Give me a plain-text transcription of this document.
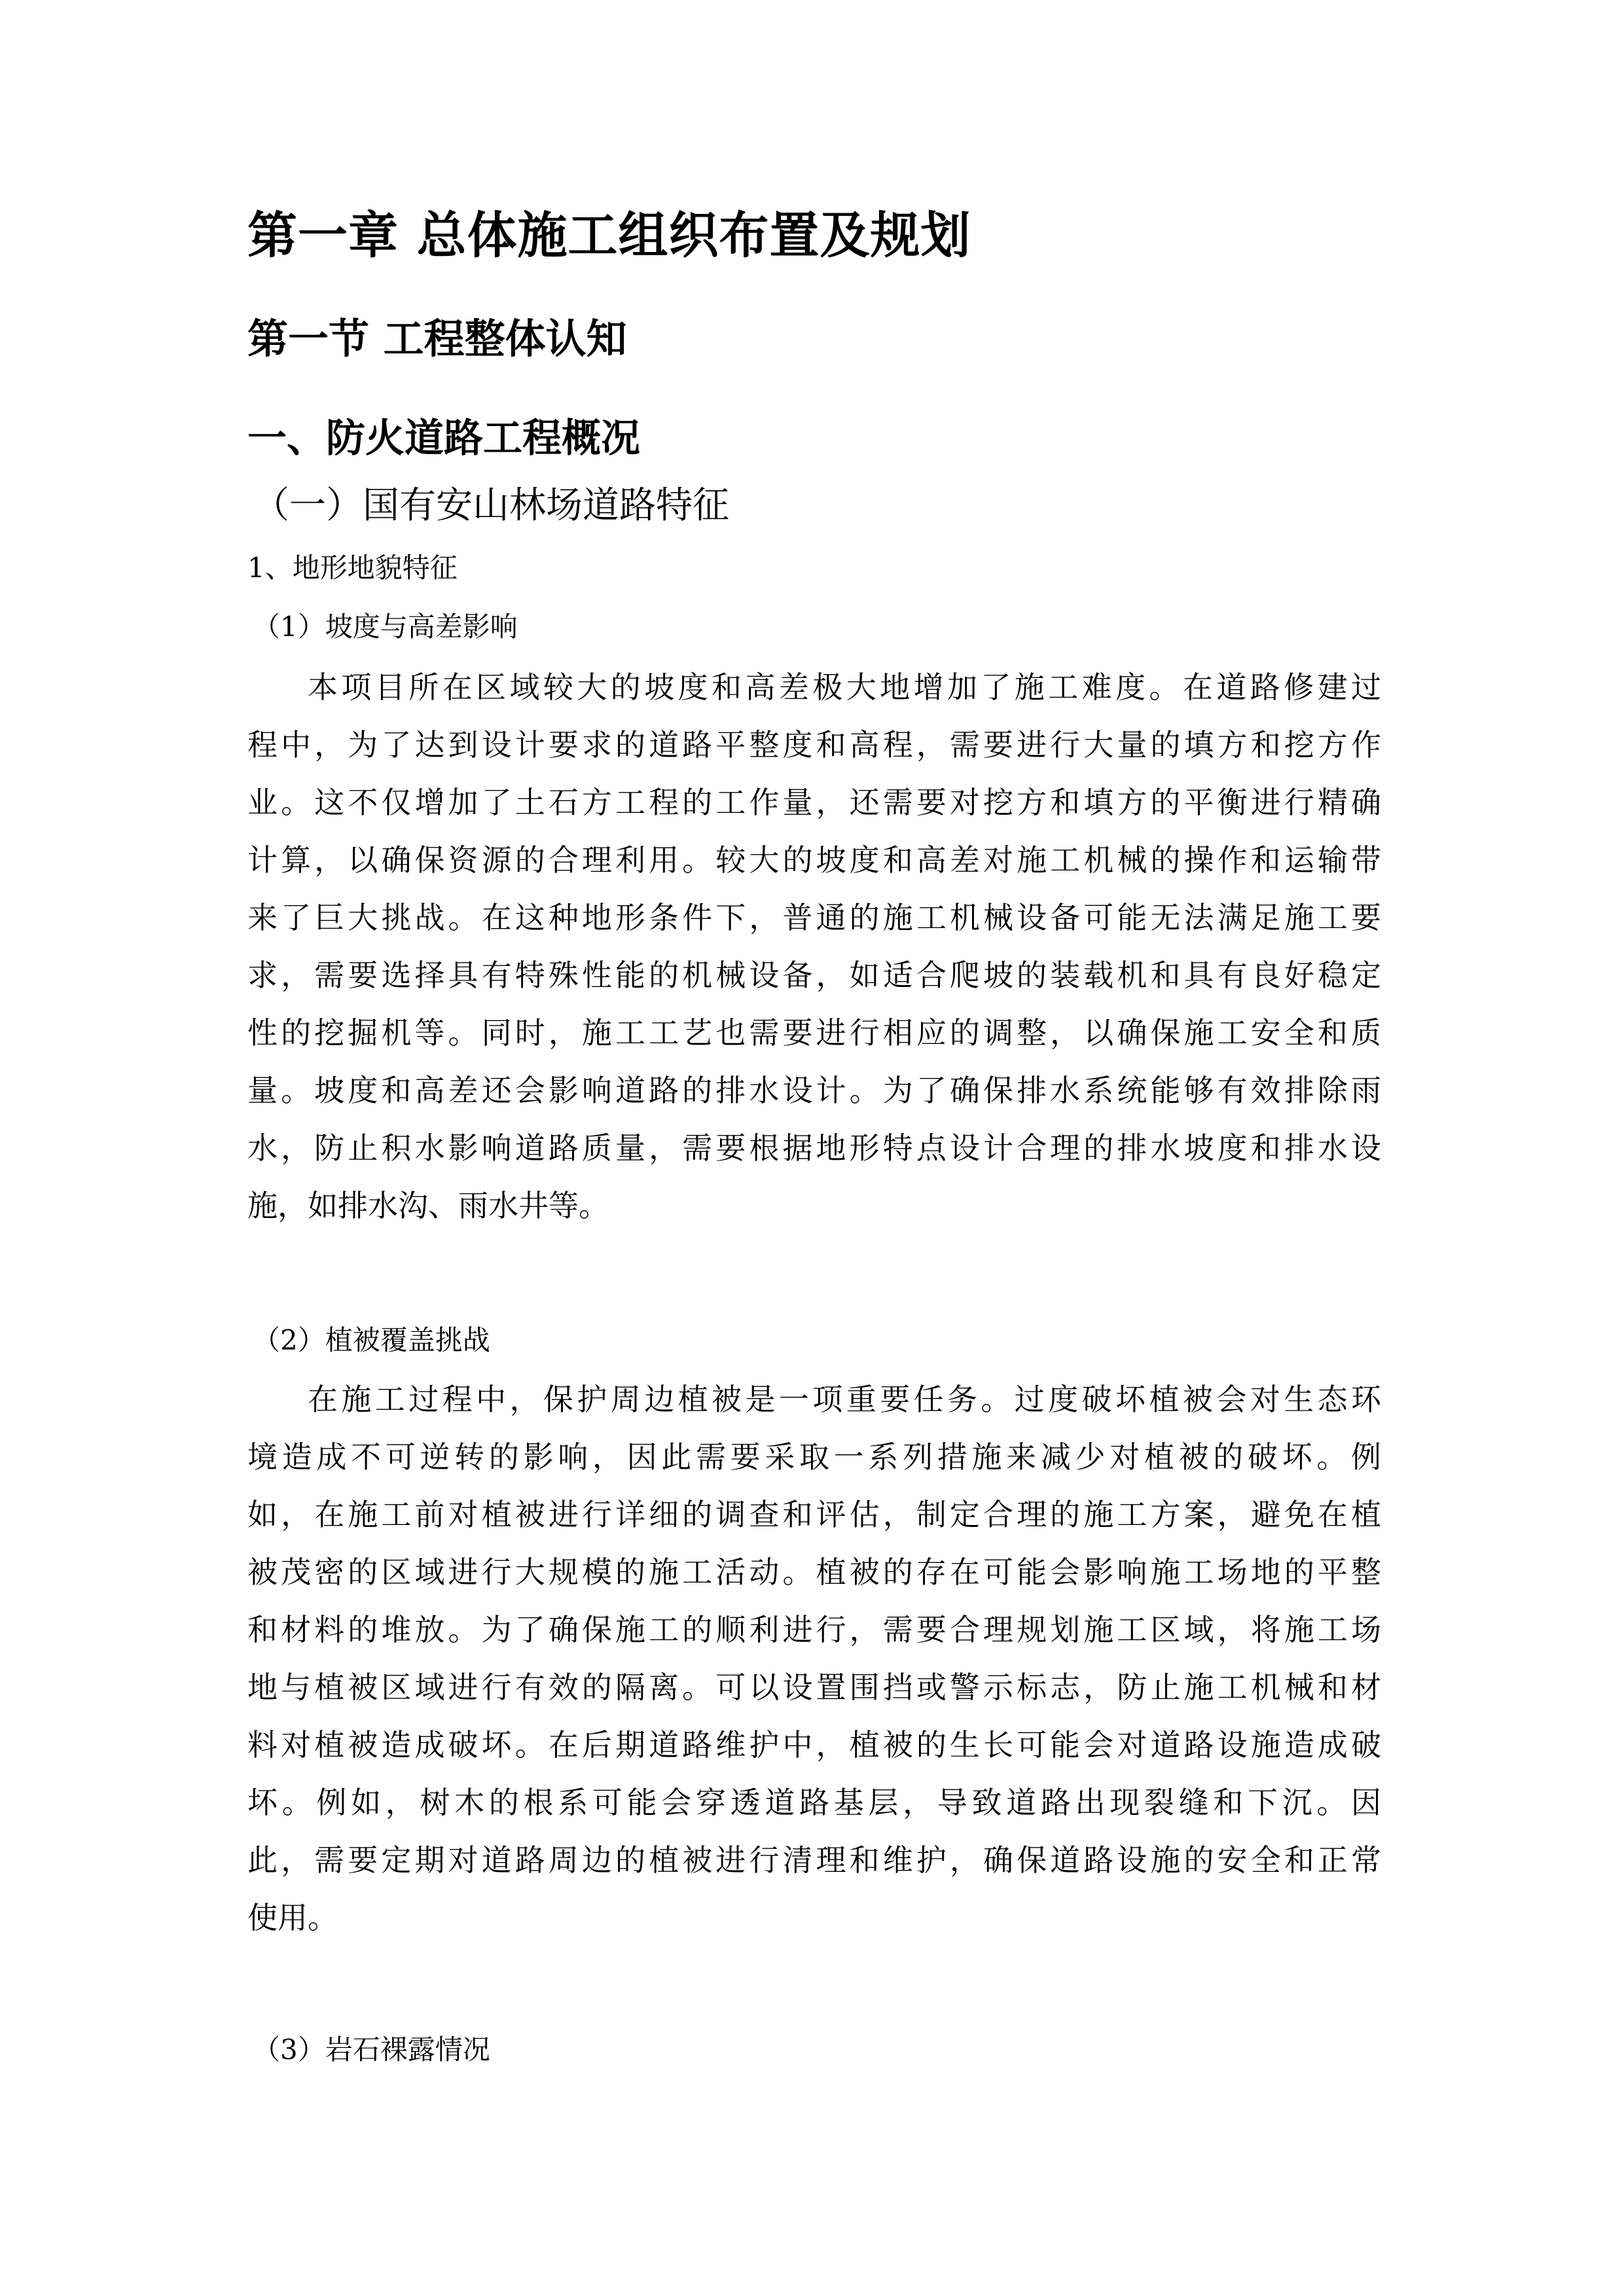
第一章 总体施工组织布置及规划
第一节 工程整体认知
一、防火道路工程概况
（一）国有安山林场道路特征
1、地形地貌特征
（1）坡度与高差影响
本项目所在区域较大的坡度和高差极大地增加了施工难度。在道路修建过
程中，为了达到设计要求的道路平整度和高程，需要进行大量的填方和挖方作
业。这不仅增加了土石方工程的工作量，还需要对挖方和填方的平衡进行精确
计算，以确保资源的合理利用。较大的坡度和高差对施工机械的操作和运输带
来了巨大挑战。在这种地形条件下，普通的施工机械设备可能无法满足施工要
求，需要选择具有特殊性能的机械设备，如适合爬坡的装载机和具有良好稳定
性的挖掘机等。同时，施工工艺也需要进行相应的调整，以确保施工安全和质
量。坡度和高差还会影响道路的排水设计。为了确保排水系统能够有效排除雨
水，防止积水影响道路质量，需要根据地形特点设计合理的排水坡度和排水设
施，如排水沟、雨水井等。
（2）植被覆盖挑战
在施工过程中，保护周边植被是一项重要任务。过度破坏植被会对生态环
境造成不可逆转的影响，因此需要采取一系列措施来减少对植被的破坏。例
如，在施工前对植被进行详细的调查和评估，制定合理的施工方案，避免在植
被茂密的区域进行大规模的施工活动。植被的存在可能会影响施工场地的平整
和材料的堆放。为了确保施工的顺利进行，需要合理规划施工区域，将施工场
地与植被区域进行有效的隔离。可以设置围挡或警示标志，防止施工机械和材
料对植被造成破坏。在后期道路维护中，植被的生长可能会对道路设施造成破
坏。例如，树木的根系可能会穿透道路基层，导致道路出现裂缝和下沉。因
此，需要定期对道路周边的植被进行清理和维护，确保道路设施的安全和正常
使用。
（3）岩石裸露情况
